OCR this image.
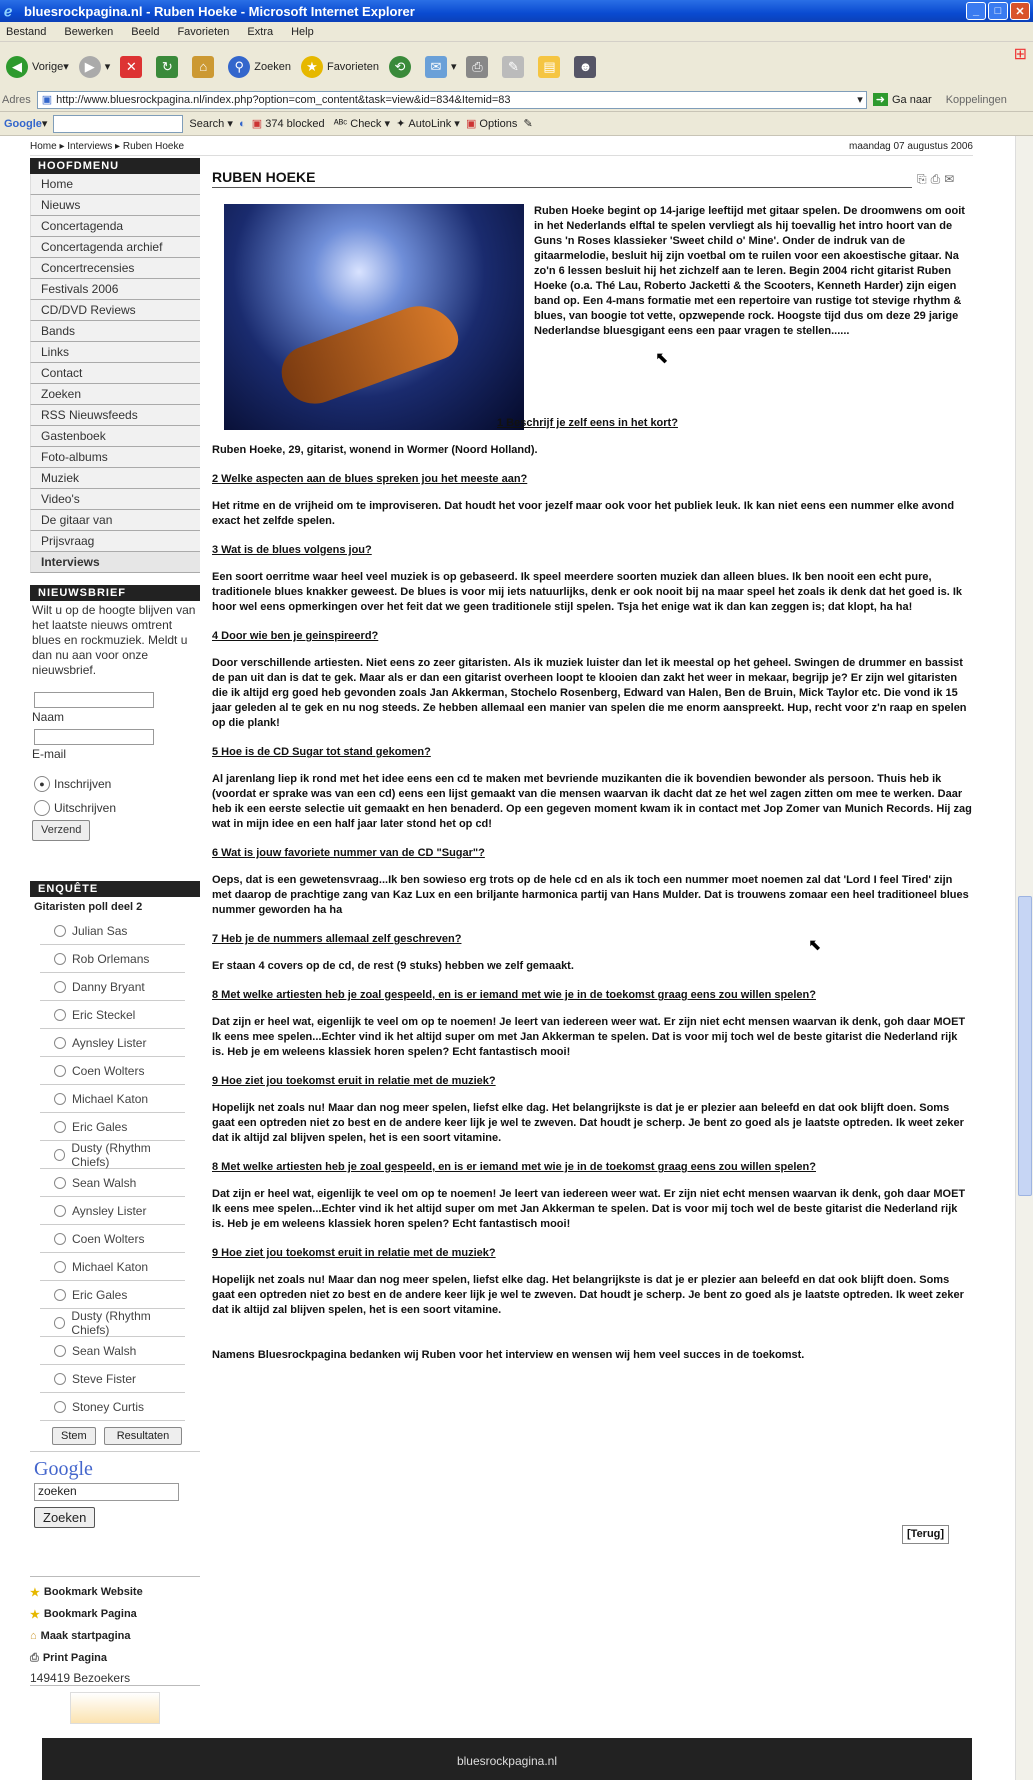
ℯ bluesrockpagina.nl - Ruben Hoeke - Microsoft Internet Explorer	_	□	✕
Bestand Bewerken Beeld Favorieten Extra Help
◀ Vorige ▾	▶ ▾	✕	↻	⌂	⚲ Zoeken	★ Favorieten	⟲	✉ ▾	⎙	✎	▤	☻
⊞
Adres ▣ http://www.bluesrockpagina.nl/index.php?option=com_content&task=view&id=834&Itemid=83	▾ ➜ Ga naar Koppelingen
Google ▾	Search ▾ ◐
▣
374 blocked
ᴬᴮᶜ
Check ▾ ✦
AutoLink ▾ ▣
Options
✎
Home ▸ Interviews ▸ Ruben Hoeke	maandag 07 augustus 2006
HOOFDMENU
Home
Nieuws
Concertagenda
Concertagenda archief
Concertrecensies
Festivals 2006
CD/DVD Reviews
Bands
Links
Contact
Zoeken
RSS Nieuwsfeeds
Gastenboek
Foto-albums
Muziek
Video's
De gitaar van
Prijsvraag
Interviews
NIEUWSBRIEF
Wilt u op de hoogte blijven van het laatste nieuws omtrent blues en rockmuziek. Meldt u dan nu aan voor onze nieuwsbrief.
Naam
E-mail
● Inschrijven
Uitschrijven
Verzend
ENQUÊTE
Gitaristen poll deel 2
Julian Sas
Rob Orlemans
Danny Bryant
Eric Steckel
Aynsley Lister
Coen Wolters
Michael Katon
Eric Gales
Dusty (Rhythm Chiefs)
Sean Walsh
Aynsley Lister
Coen Wolters
Michael Katon
Eric Gales
Dusty (Rhythm Chiefs)
Sean Walsh
Steve Fister
Stoney Curtis
Stem	Resultaten
Google
zoeken
Zoeken
★ Bookmark Website
★ Bookmark Pagina
⌂ Maak startpagina
⎙ Print Pagina
149419 Bezoekers
RUBEN HOEKE	⎘ ⎙ ✉
Ruben Hoeke begint op 14-jarige leeftijd met gitaar spelen. De droomwens om ooit in het Nederlands elftal te spelen vervliegt als hij toevallig het intro hoort van de Guns 'n Roses klassieker 'Sweet child o' Mine'. Onder de indruk van de gitaarmelodie, besluit hij zijn voetbal om te ruilen voor een akoestische gitaar. Na zo'n 6 lessen besluit hij het zichzelf aan te leren. Begin 2004 richt gitarist Ruben Hoeke (o.a. Thé Lau, Roberto Jacketti & the Scooters, Kenneth Harder) zijn eigen band op. Een 4-mans formatie met een repertoire van rustige tot stevige rhythm & blues, van boogie tot vette, opzwepende rock. Hoogste tijd dus om deze 29 jarige Nederlandse bluesgigant eens een paar vragen te stellen......
1 Beschrijf je zelf eens in het kort?
Ruben Hoeke, 29, gitarist, wonend in Wormer (Noord Holland).
2 Welke aspecten aan de blues spreken jou het meeste aan?
Het ritme en de vrijheid om te improviseren. Dat houdt het voor jezelf maar ook voor het publiek leuk. Ik kan niet eens een nummer elke avond exact het zelfde spelen.
3 Wat is de blues volgens jou?
Een soort oerritme waar heel veel muziek is op gebaseerd. Ik speel meerdere soorten muziek dan alleen blues. Ik ben nooit een echt pure, traditionele blues knakker geweest. De blues is voor mij iets natuurlijks, denk er ook nooit bij na maar speel het zoals ik denk dat het goed is. Ik hoor wel eens opmerkingen over het feit dat we geen traditionele stijl spelen. Tsja het enige wat ik dan kan zeggen is; dat klopt, ha ha!
4 Door wie ben je geinspireerd?
Door verschillende artiesten. Niet eens zo zeer gitaristen. Als ik muziek luister dan let ik meestal op het geheel. Swingen de drummer en bassist de pan uit dan is dat te gek. Maar als er dan een gitarist overheen loopt te klooien dan zakt het weer in mekaar, begrijp je? Er zijn wel gitaristen die ik altijd erg goed heb gevonden zoals Jan Akkerman, Stochelo Rosenberg, Edward van Halen, Ben de Bruin, Mick Taylor etc. Die vond ik 15 jaar geleden al te gek en nu nog steeds. Ze hebben allemaal een manier van spelen die me enorm aanspreekt. Hup, recht voor z'n raap en spelen op die plank!
5 Hoe is de CD Sugar tot stand gekomen?
Al jarenlang liep ik rond met het idee eens een cd te maken met bevriende muzikanten die ik bovendien bewonder als persoon. Thuis heb ik (voordat er sprake was van een cd) eens een lijst gemaakt van die mensen waarvan ik dacht dat ze het wel zagen zitten om mee te werken. Daar heb ik een eerste selectie uit gemaakt en hen benaderd. Op een gegeven moment kwam ik in contact met Jop Zomer van Munich Records. Hij zag wat in mijn idee en een half jaar later stond het op cd!
6 Wat is jouw favoriete nummer van de CD "Sugar"?
Oeps, dat is een gewetensvraag...Ik ben sowieso erg trots op de hele cd en als ik toch een nummer moet noemen zal dat 'Lord I feel Tired' zijn met daarop de prachtige zang van Kaz Lux en een briljante harmonica partij van Hans Mulder. Dat is trouwens zomaar een heel traditioneel blues nummer geworden ha ha
7 Heb je de nummers allemaal zelf geschreven?
Er staan 4 covers op de cd, de rest (9 stuks) hebben we zelf gemaakt.
8 Met welke artiesten heb je zoal gespeeld, en is er iemand met wie je in de toekomst graag eens zou willen spelen?
Dat zijn er heel wat, eigenlijk te veel om op te noemen! Je leert van iedereen weer wat. Er zijn niet echt mensen waarvan ik denk, goh daar MOET Ik eens mee spelen...Echter vind ik het altijd super om met Jan Akkerman te spelen. Dat is voor mij toch wel de beste gitarist die Nederland rijk is. Heb je em weleens klassiek horen spelen? Echt fantastisch mooi!
9 Hoe ziet jou toekomst eruit in relatie met de muziek?
Hopelijk net zoals nu! Maar dan nog meer spelen, liefst elke dag. Het belangrijkste is dat je er plezier aan beleefd en dat ook blijft doen. Soms gaat een optreden niet zo best en de andere keer lijk je wel te zweven. Dat houdt je scherp. Je bent zo goed als je laatste optreden. Ik weet zeker dat ik altijd zal blijven spelen, het is een soort vitamine.
8 Met welke artiesten heb je zoal gespeeld, en is er iemand met wie je in de toekomst graag eens zou willen spelen?
Dat zijn er heel wat, eigenlijk te veel om op te noemen! Je leert van iedereen weer wat. Er zijn niet echt mensen waarvan ik denk, goh daar MOET Ik eens mee spelen...Echter vind ik het altijd super om met Jan Akkerman te spelen. Dat is voor mij toch wel de beste gitarist die Nederland rijk is. Heb je em weleens klassiek horen spelen? Echt fantastisch mooi!
9 Hoe ziet jou toekomst eruit in relatie met de muziek?
Hopelijk net zoals nu! Maar dan nog meer spelen, liefst elke dag. Het belangrijkste is dat je er plezier aan beleefd en dat ook blijft doen. Soms gaat een optreden niet zo best en de andere keer lijk je wel te zweven. Dat houdt je scherp. Je bent zo goed als je laatste optreden. Ik weet zeker dat ik altijd zal blijven spelen, het is een soort vitamine.
Namens Bluesrockpagina bedanken wij Ruben voor het interview en wensen wij hem veel succes in de toekomst.
[Terug]
bluesrockpagina.nl
⬉
⬉
